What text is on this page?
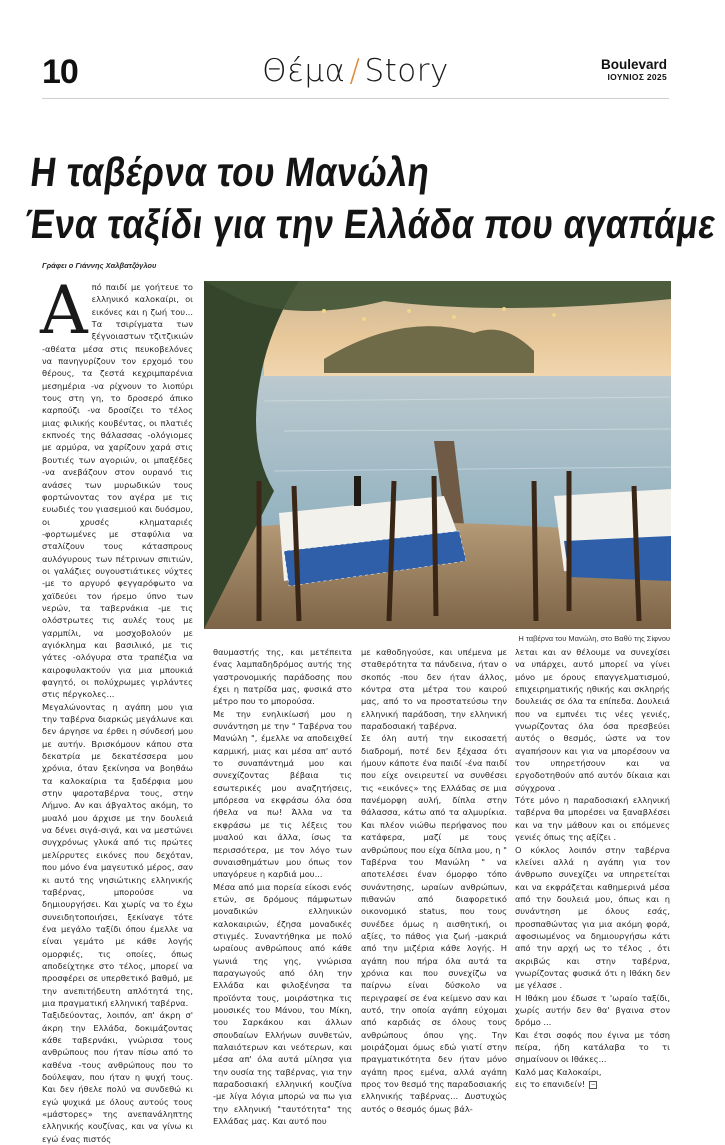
10	Θέμα / Story	Boulevard
ΙΟΥΝΙΟΣ 2025
Η ταβέρνα του Μανώλη
Ένα ταξίδι για την Ελλάδα που αγαπάμε
Γράφει ο Γιάννης Χαλβατζόγλου
Η ταβέρνα του Μανώλη, στο Βαθύ της Σίφνου

Από παιδί με γοήτευε το ελληνικό καλοκαίρι, οι εικόνες και η ζωή του... Τα τσιρίγματα των ξέγνοιαστων τζιτζικιών -αθέατα μέσα στις πευκοβελόνες να πανηγυρίζουν τον ερχομό του θέρους, τα ζεστά κεχριμπαρένια μεσημέρια -να ρίχνουν το λιοπύρι τους στη γη, το δροσερό άπικο καρπούζι -να δροσίζει το τέλος μιας φιλικής κουβέντας, οι πλατιές εκπνοές της θάλασσας -ολόγιομες με αρμύρα, να χαρίζουν χαρά στις βουτιές των αγοριών, οι μπαξέδες -να ανεβάζουν στον ουρανό τις ανάσες των μυρωδικών τους φορτώνοντας τον αγέρα με τις ευωδιές του γιασεμιού και δυόσμου, οι χρυσές κληματαριές -φορτωμένες με σταφύλια να σταλίζουν τους κάτασπρους αυλόγυρους των πέτρινων σπιτιών, οι γαλάζιες ουγουστιάτικες νύχτες -με το αργυρό φεγγαρόφωτο να χαϊδεύει τον ήρεμο ύπνο των νερών, τα ταβερνάκια -με τις ολόστρωτες τις αυλές τους με γαρμπίλι, να μοσχοβολούν με αγιόκλημα και βασιλικό, με τις γάτες -ολόγυρα στα τραπέζια να καιροφυλακτούν για μια μπουκιά φαγητό, οι πολύχρωμες γιρλάντες στις πέργκολες...

Μεγαλώνοντας η αγάπη μου για την ταβέρνα διαρκώς μεγάλωνε και δεν άργησε να έρθει η σύνδεσή μου με αυτήν. Βρισκόμουν κάπου στα δεκατρία με δεκατέσσερα μου χρόνια, όταν ξεκίνησα να βοηθάω τα καλοκαίρια τα ξαδέρφια μου στην ψαροταβέρνα τους, στην Λήμνο. Αν και άβγαλτος ακόμη, το μυαλό μου άρχισε με την δουλειά να δένει σιγά-σιγά, και να μεστώνει συγχρόνως γλυκά από τις πρώτες μελίρρυτες εικόνες που δεχόταν, που μόνο ένα μαγευτικό μέρος, σαν κι αυτό της νησιώτικης ελληνικής ταβέρνας, μπορούσε να δημιουργήσει. Και χωρίς να το έχω συνειδητοποιήσει, ξεκίναγε τότε ένα μεγάλο ταξίδι όπου έμελλε να είναι γεμάτο με κάθε λογής ομορφιές, τις οποίες, όπως αποδείχτηκε στο τέλος, μπορεί να προσφέρει σε υπερθετικό βαθμό, με την ανεπιτήδευτη απλότητά της, μια πραγματική ελληνική ταβέρνα.

Ταξιδεύοντας, λοιπόν, απ' άκρη σ' άκρη την Ελλάδα, δοκιμάζοντας κάθε ταβερνάκι, γνώρισα τους ανθρώπους που ήταν πίσω από το καθένα -τους ανθρώπους που το δούλεψαν, που ήταν η ψυχή τους. Και δεν ήθελε πολύ να συνδεθώ κι εγώ ψυχικά με όλους αυτούς τους «μάστορες» της ανεπανάληπτης ελληνικής κουζίνας, και να γίνω κι εγώ ένας πιστός

θαυμαστής της, και μετέπειτα ένας λαμπαδηδρόμος αυτής της γαστρονομικής παράδοσης που έχει η πατρίδα μας, φυσικά στο μέτρο που το μπορούσα.

Με την ενηλικίωσή μου η συνάντηση με την " Ταβέρνα του Μανώλη ", έμελλε να αποδειχθεί καρμική, μιας και μέσα απ' αυτό το συναπάντημά μου και συνεχίζοντας βέβαια τις εσωτερικές μου αναζητήσεις, μπόρεσα να εκφράσω όλα όσα ήθελα να πω! Άλλα να τα εκφράσω με τις λέξεις του μυαλού και άλλα, ίσως τα περισσότερα, με τον λόγο των συναισθημάτων μου όπως τον υπαγόρευε η καρδιά μου...

Μέσα από μια πορεία είκοσι ενός ετών, σε δρόμους πάμφωτων μοναδικών ελληνικών καλοκαιριών, έζησα μοναδικές στιγμές. Συναντήθηκα με πολύ ωραίους ανθρώπους από κάθε γωνιά της γης, γνώρισα παραγωγούς από όλη την Ελλάδα και φιλοξένησα τα προϊόντα τους, μοιράστηκα τις μουσικές του Μάνου, του Μίκη, του Σαρκάκου και άλλων σπουδαίων Ελλήνων συνθετών, παλαιότερων και νεότερων, και μέσα απ' όλα αυτά μίλησα για την ουσία της ταβέρνας, για την παραδοσιακή ελληνική κουζίνα -με λίγα λόγια μπορώ να πω για την ελληνική "ταυτότητα" της Ελλάδας μας. Και αυτό που

με καθοδηγούσε, και υπέμενα με σταθερότητα τα πάνδεινα, ήταν ο σκοπός -που δεν ήταν άλλος, κόντρα στα μέτρα του καιρού μας, από το να προστατεύσω την ελληνική παράδοση, την ελληνική παραδοσιακή ταβέρνα.

Σε όλη αυτή την εικοσαετή διαδρομή, ποτέ δεν ξέχασα ότι ήμουν κάποτε ένα παιδί -ένα παιδί που είχε ονειρευτεί να συνθέσει τις «εικόνες» της Ελλάδας σε μια πανέμορφη αυλή, δίπλα στην θάλασσα, κάτω από τα αλμυρίκια. Και πλέον νιώθω περήφανος που κατάφερα, μαζί με τους ανθρώπους που είχα δίπλα μου, η " Ταβέρνα του Μανώλη " να αποτελέσει έναν όμορφο τόπο συνάντησης, ωραίων ανθρώπων, πιθανών από διαφορετικό οικονομικό status, που τους συνέδεε όμως η αισθητική, οι αξίες, το πάθος για ζωή -μακριά από την μιζέρια κάθε λογής. Η αγάπη που πήρα όλα αυτά τα χρόνια και που συνεχίζω να παίρνω είναι δύσκολο να περιγραφεί σε ένα κείμενο σαν και αυτό, την οποία αγάπη εύχομαι από καρδιάς σε όλους τους ανθρώπους όπου γης. Την μοιράζομαι όμως εδώ γιατί στην πραγματικότητα δεν ήταν μόνο αγάπη προς εμένα, αλλά αγάπη προς τον θεσμό της παραδοσιακής ελληνικής ταβέρνας... Δυστυχώς αυτός ο θεσμός όμως βάλ-

λεται και αν θέλουμε να συνεχίσει να υπάρχει, αυτό μπορεί να γίνει μόνο με όρους επαγγελματισμού, επιχειρηματικής ηθικής και σκληρής δουλειάς σε όλα τα επίπεδα. Δουλειά που να εμπνέει τις νέες γενιές, γνωρίζοντας όλα όσα πρεσβεύει αυτός ο θεσμός, ώστε να τον αγαπήσουν και για να μπορέσουν να τον υπηρετήσουν και να εργοδοτηθούν από αυτόν δίκαια και σύγχρονα .

Τότε μόνο η παραδοσιακή ελληνική ταβέρνα θα μπορέσει να ξαναβλέσει και να την μάθουν και οι επόμενες γενιές όπως της αξίζει .

Ο κύκλος λοιπόν στην ταβέρνα κλείνει αλλά η αγάπη για τον άνθρωπο συνεχίζει να υπηρετείται και να εκφράζεται καθημερινά μέσα από την δουλειά μου, όπως και η συνάντηση με όλους εσάς, προσπαθώντας για μια ακόμη φορά, αφοσιωμένος να δημιουργήσω κάτι από την αρχή ως το τέλος , ότι ακριβώς και στην ταβέρνα, γνωρίζοντας φυσικά ότι η Ιθάκη δεν με γέλασε .

Η Ιθάκη μου έδωσε τ 'ωραίο ταξίδι, χωρίς αυτήν δεν θα' βγαινα στον δρόμο ...

Και έτσι σοφός που έγινα με τόση πείρα, ήδη κατάλαβα το τι σημαίνουν οι Ιθάκες...

Καλό μας Καλοκαίρι,

εις το επανιδείν! −
